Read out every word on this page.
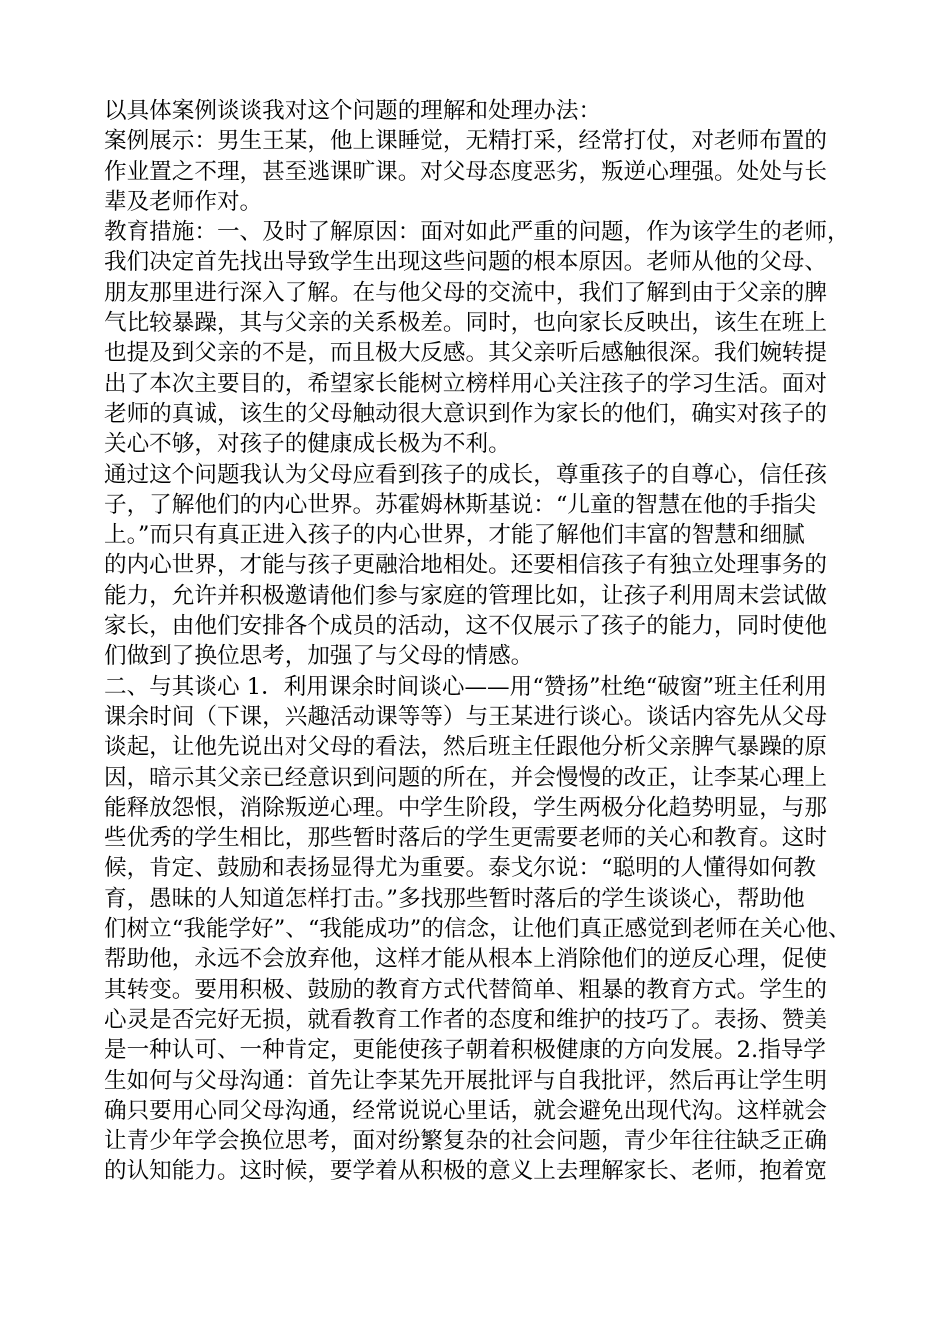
以具体案例谈谈我对这个问题的理解和处理办法：
案例展示：男生王某，他上课睡觉，无精打采，经常打仗，对老师布置的
作业置之不理，甚至逃课旷课。对父母态度恶劣，叛逆心理强。处处与长
辈及老师作对。
教育措施：一、及时了解原因：面对如此严重的问题，作为该学生的老师，
我们决定首先找出导致学生出现这些问题的根本原因。老师从他的父母、
朋友那里进行深入了解。在与他父母的交流中，我们了解到由于父亲的脾
气比较暴躁，其与父亲的关系极差。同时，也向家长反映出，该生在班上
也提及到父亲的不是，而且极大反感。其父亲听后感触很深。我们婉转提
出了本次主要目的，希望家长能树立榜样用心关注孩子的学习生活。面对
老师的真诚，该生的父母触动很大意识到作为家长的他们，确实对孩子的
关心不够，对孩子的健康成长极为不利。
通过这个问题我认为父母应看到孩子的成长，尊重孩子的自尊心，信任孩
子，了解他们的内心世界。苏霍姆林斯基说：“儿童的智慧在他的手指尖
上。”而只有真正进入孩子的内心世界，才能了解他们丰富的智慧和细腻
的内心世界，才能与孩子更融洽地相处。还要相信孩子有独立处理事务的
能力，允许并积极邀请他们参与家庭的管理比如，让孩子利用周末尝试做
家长，由他们安排各个成员的活动，这不仅展示了孩子的能力，同时使他
们做到了换位思考，加强了与父母的情感。
二、与其谈心 1．利用课余时间谈心——用“赞扬”杜绝“破窗”班主任利用
课余时间（下课，兴趣活动课等等）与王某进行谈心。谈话内容先从父母
谈起，让他先说出对父母的看法，然后班主任跟他分析父亲脾气暴躁的原
因，暗示其父亲已经意识到问题的所在，并会慢慢的改正，让李某心理上
能释放怨恨，消除叛逆心理。中学生阶段，学生两极分化趋势明显，与那
些优秀的学生相比，那些暂时落后的学生更需要老师的关心和教育。这时
候，肯定、鼓励和表扬显得尤为重要。泰戈尔说：“聪明的人懂得如何教
育，愚昧的人知道怎样打击。”多找那些暂时落后的学生谈谈心，帮助他
们树立“我能学好”、“我能成功”的信念，让他们真正感觉到老师在关心他、
帮助他，永远不会放弃他，这样才能从根本上消除他们的逆反心理，促使
其转变。要用积极、鼓励的教育方式代替简单、粗暴的教育方式。学生的
心灵是否完好无损，就看教育工作者的态度和维护的技巧了。表扬、赞美
是一种认可、一种肯定，更能使孩子朝着积极健康的方向发展。2.指导学
生如何与父母沟通：首先让李某先开展批评与自我批评，然后再让学生明
确只要用心同父母沟通，经常说说心里话，就会避免出现代沟。这样就会
让青少年学会换位思考，面对纷繁复杂的社会问题，青少年往往缺乏正确
的认知能力。这时候，要学着从积极的意义上去理解家长、老师，抱着宽
